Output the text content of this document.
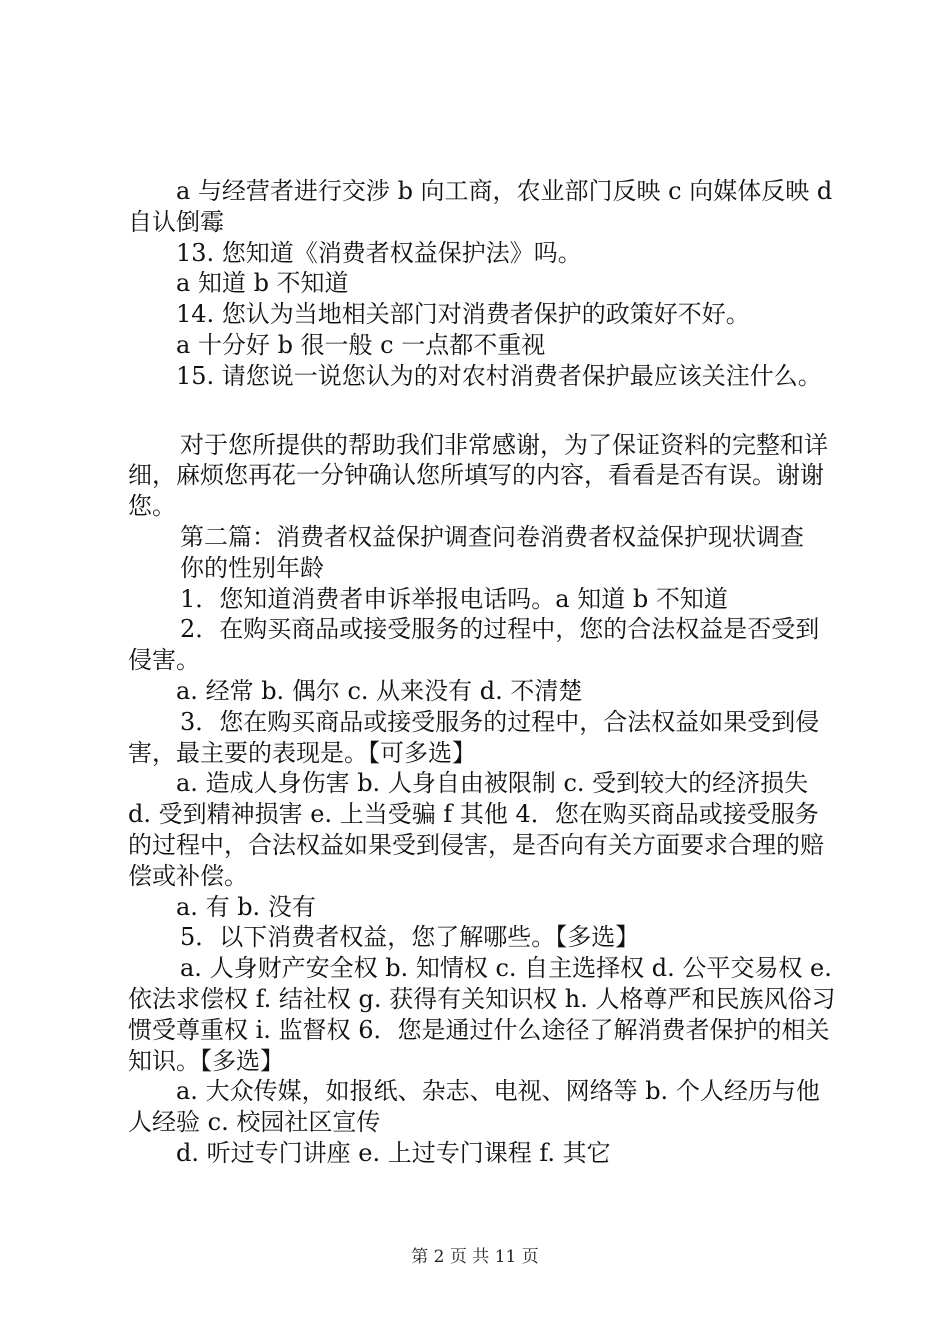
a 与经营者进行交涉 b 向工商，农业部门反映 c 向媒体反映 d 自认倒霉

13. 您知道《消费者权益保护法》吗。

a 知道 b 不知道

14. 您认为当地相关部门对消费者保护的政策好不好。

a 十分好 b 很一般 c 一点都不重视

15. 请您说一说您认为的对农村消费者保护最应该关注什么。

对于您所提供的帮助我们非常感谢，为了保证资料的完整和详细，麻烦您再花一分钟确认您所填写的内容，看看是否有误。谢谢您。

第二篇：消费者权益保护调查问卷消费者权益保护现状调查

你的性别年龄

1．您知道消费者申诉举报电话吗。a 知道 b 不知道

2．在购买商品或接受服务的过程中，您的合法权益是否受到侵害。

a. 经常 b. 偶尔 c. 从来没有 d. 不清楚

3．您在购买商品或接受服务的过程中，合法权益如果受到侵害，最主要的表现是。【可多选】

a. 造成人身伤害 b. 人身自由被限制 c. 受到较大的经济损失 d. 受到精神损害 e. 上当受骗 f 其他 4．您在购买商品或接受服务的过程中，合法权益如果受到侵害，是否向有关方面要求合理的赔偿或补偿。

a. 有 b. 没有

5．以下消费者权益，您了解哪些。【多选】

a. 人身财产安全权 b. 知情权 c. 自主选择权 d. 公平交易权 e. 依法求偿权 f. 结社权 g. 获得有关知识权 h. 人格尊严和民族风俗习惯受尊重权 i. 监督权 6．您是通过什么途径了解消费者保护的相关知识。【多选】

a. 大众传媒，如报纸、杂志、电视、网络等 b. 个人经历与他人经验 c. 校园社区宣传

d. 听过专门讲座 e. 上过专门课程 f. 其它

第 2 页 共 11 页
